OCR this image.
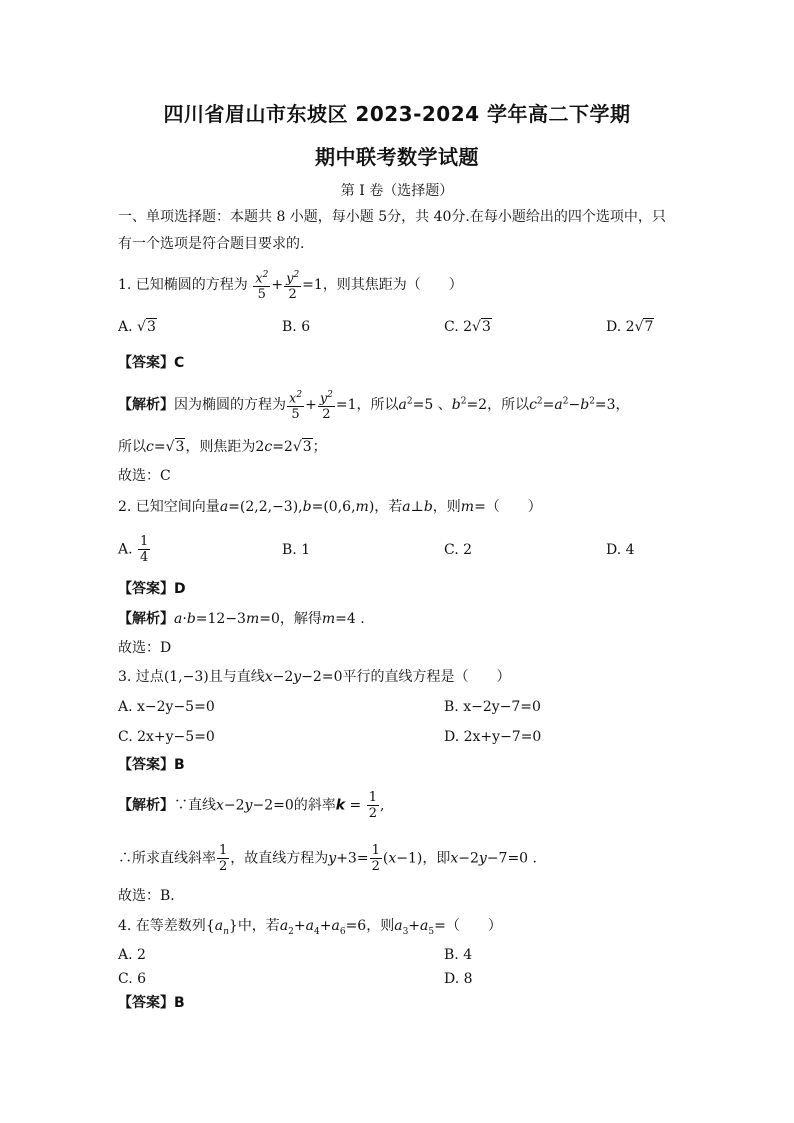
四川省眉山市东坡区 2023-2024 学年高二下学期
期中联考数学试题
第 I 卷（选择题）
一、单项选择题：本题共 8 小题，每小题 5分，共 40分.在每小题给出的四个选项中，只
有一个选项是符合题目要求的.
1. 已知椭圆的方程为 $\frac{x^2}{5} + \frac{y^2}{2} =1$，则其焦距为（　　）
A. √3	B. 6	C. 2√3	D. 2√7
【答案】C
【解析】因为椭圆的方程为 $\frac{x^2}{5} + \frac{y^2}{2} =1$，所以$a^2=5$ 、$b^2=2$，所以$c^2=a^2-b^2=3$，
所以c=√3，则焦距为2c=2√3；
故选：C
2. 已知空间向量a=(2,2,−3),b=(0,6,m)，若a⊥b，则m=（　　）
A. $\frac{1}{4}$	B. 1	C. 2	D. 4
【答案】D
【解析】a·b=12−3m=0，解得m=4 .
故选：D
3. 过点(1,−3)且与直线x−2y−2=0平行的直线方程是（　　）
A. x−2y−5=0	B. x−2y−7=0
C. 2x+y−5=0	D. 2x+y−7=0
【答案】B
【解析】∵直线x−2y−2=0的斜率$k = \frac{1}{2}$ ,
∴所求直线斜率 $\frac{1}{2}$ ，故直线方程为$y+3= \frac{1}{2} (x-1)$，即x−2y−7=0 .
故选：B．
4. 在等差数列$\{a_n\}$中，若$a_2+a_4+a_6=6$，则$a_3+a_5=$（　　）
A. 2	B. 4
C. 6	D. 8
【答案】B
